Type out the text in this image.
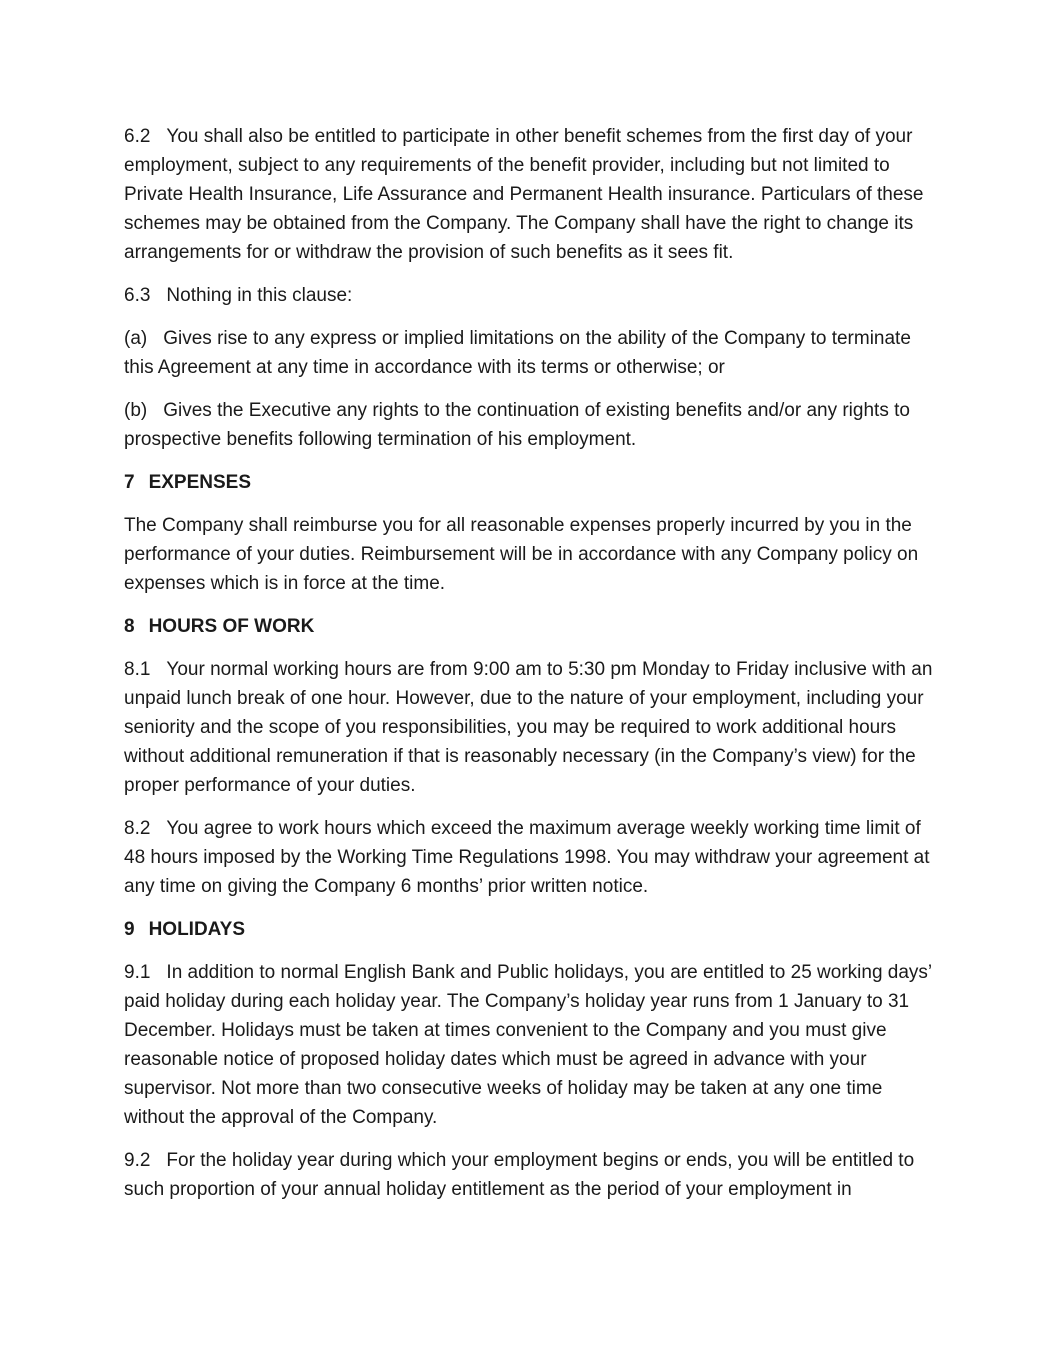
6.2 You shall also be entitled to participate in other benefit schemes from the first day of your employment, subject to any requirements of the benefit provider, including but not limited to Private Health Insurance, Life Assurance and Permanent Health insurance. Particulars of these schemes may be obtained from the Company. The Company shall have the right to change its arrangements for or withdraw the provision of such benefits as it sees fit.

6.3 Nothing in this clause:

(a) Gives rise to any express or implied limitations on the ability of the Company to terminate this Agreement at any time in accordance with its terms or otherwise; or

(b) Gives the Executive any rights to the continuation of existing benefits and/or any rights to prospective benefits following termination of his employment.

7 EXPENSES

The Company shall reimburse you for all reasonable expenses properly incurred by you in the performance of your duties. Reimbursement will be in accordance with any Company policy on expenses which is in force at the time.

8 HOURS OF WORK

8.1 Your normal working hours are from 9:00 am to 5:30 pm Monday to Friday inclusive with an unpaid lunch break of one hour. However, due to the nature of your employment, including your seniority and the scope of you responsibilities, you may be required to work additional hours without additional remuneration if that is reasonably necessary (in the Company’s view) for the proper performance of your duties.

8.2 You agree to work hours which exceed the maximum average weekly working time limit of 48 hours imposed by the Working Time Regulations 1998. You may withdraw your agreement at any time on giving the Company 6 months’ prior written notice.

9 HOLIDAYS

9.1 In addition to normal English Bank and Public holidays, you are entitled to 25 working days’ paid holiday during each holiday year. The Company’s holiday year runs from 1 January to 31 December. Holidays must be taken at times convenient to the Company and you must give reasonable notice of proposed holiday dates which must be agreed in advance with your supervisor. Not more than two consecutive weeks of holiday may be taken at any one time without the approval of the Company.

9.2 For the holiday year during which your employment begins or ends, you will be entitled to such proportion of your annual holiday entitlement as the period of your employment in
